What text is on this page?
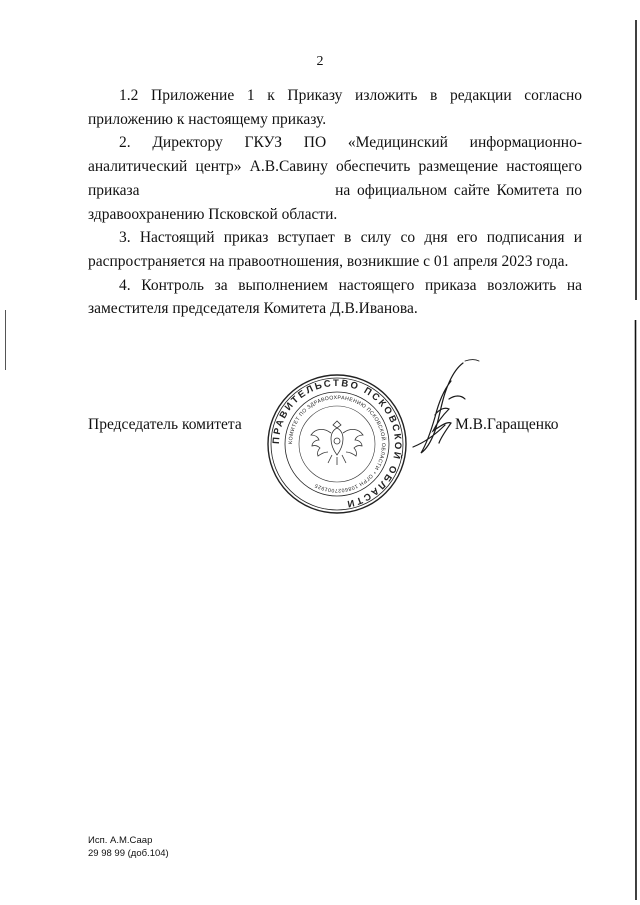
2

1.2 Приложение 1 к Приказу изложить в редакции согласно приложению к настоящему приказу.

2. Директору ГКУЗ ПО «Медицинский информационно-аналитический центр» А.В.Савину обеспечить размещение настоящего приказа	на официальном сайте Комитета по здравоохранению Псковской области.

3. Настоящий приказ вступает в силу со дня его подписания и распространяется на правоотношения, возникшие с 01 апреля 2023 года.

4. Контроль за выполнением настоящего приказа возложить на заместителя председателя Комитета Д.В.Иванова.

Председатель комитета
ПРАВИТЕЛЬСТВО ПСКОВСКОЙ ОБЛАСТИ
КОМИТЕТ ПО ЗДРАВООХРАНЕНИЮ ПСКОВСКОЙ ОБЛАСТИ * ОГРН 1086027001925
М.В.Гаращенко
Исп. А.М.Саар
29 98 99 (доб.104)
